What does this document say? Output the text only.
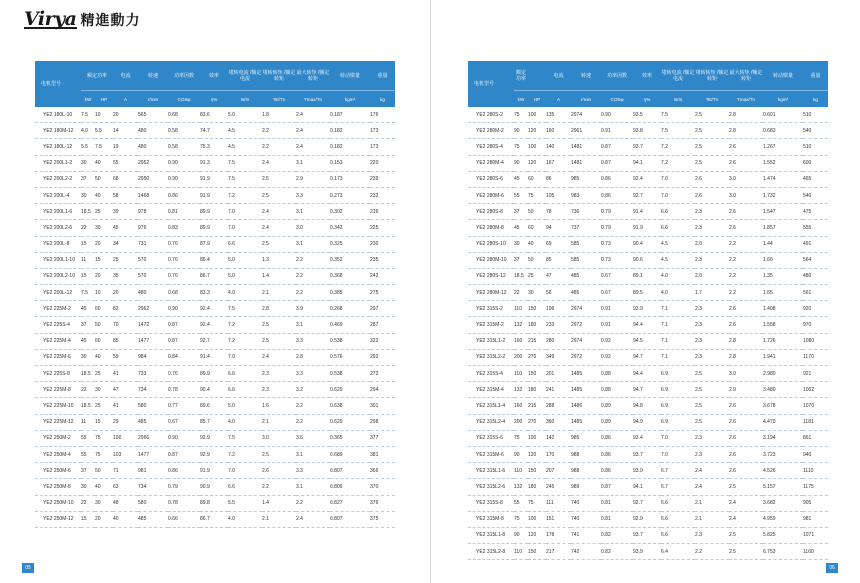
Virya 精進動力
电机型号	额定功率		电流	转速	功率因数	效率	堵转电流 /额定电流	堵转转矩 /额定转矩	最大转矩 /额定转矩	转动惯量	重量
	kW	HP	A	r/min	COSφ	η%	Is/In	Tst/Tn	Tmax/Tn	kgm²	kg
YE2 180L-10	7.5	10	20	565	0.68	83.6	5.0	1.8	2.4	0.187	176
YE2 180M-12	4.0	5.5	14	480	0.58	74.7	4.5	2.2	2.4	0.182	173
YE2 180L-12	5.5	7.5	19	480	0.58	75.3	4.5	2.2	2.4	0.182	173
YE2 200L1-2	30	40	55	2952	0.90	91.3	7.5	2.4	3.1	0.153	220
YE2 200L2-2	37	50	68	2950	0.90	91.9	7.5	2.5	2.9	0.173	239
YE2 200L-4	30	40	58	1468	0.86	91.9	7.2	2.5	3.3	0.273	232
YE2 200L1-6	18.5	25	39	978	0.81	89.9	7.0	2.4	3.1	0.302	216
YE2 200L2-6	22	30	45	976	0.83	89.9	7.0	2.4	3.0	0.342	225
YE2 200L-8	15	20	34	731	0.76	87.9	6.6	2.5	3.1	0.325	230
YE2 200L1-10	11	15	25	570	0.76	86.4	5.0	1.3	2.2	0.352	235
YE2 200L2-10	15	20	35	570	0.76	86.7	5.0	1.4	2.2	0.368	242
YE2 200L-12	7.5	10	20	480	0.68	83.3	4.0	2.1	2.2	0.385	275
YE2 225M-2	45	60	82	2962	0.90	92.4	7.5	2.8	3.9	0.268	297
YE2 225S-4	37	50	70	1472	0.87	92.4	7.2	2.5	3.1	0.469	287
YE2 225M-4	45	60	85	1477	0.87	92.7	7.2	2.5	3.3	0.538	322
YE2 225M-6	30	40	59	984	0.84	91.4	7.0	2.4	2.8	0.576	292
YE2 225S-8	18.5	25	41	733	0.76	89.9	6.6	2.3	3.3	0.538	272
YE2 225M-8	22	30	47	734	0.78	90.4	6.6	2.3	3.2	0.629	294
YE2 225M-10	18.5	25	41	580	0.77	89.6	5.0	1.6	2.2	0.638	301
YE2 225M-12	11	15	29	485	0.67	85.7	4.0	2.1	2.2	0.629	298
YE2 250M-2	55	75	100	2966	0.90	92.9	7.5	3.0	3.6	0.365	377
YE2 250M-4	55	75	103	1477	0.87	92.9	7.2	2.5	3.1	0.689	381
YE2 250M-6	37	50	71	981	0.86	91.9	7.0	2.6	3.3	0.807	366
YE2 250M-8	30	40	63	734	0.79	90.9	6.6	2.2	3.1	0.809	370
YE2 250M-10	22	30	48	580	0.78	89.8	5.5	1.4	2.2	0.827	376
YE2 250M-12	15	20	40	485	0.66	86.7	4.0	2.1	2.4	0.807	375
05
电机型号	额定功率		电流	转速	功率因数	效率	堵转电流 /额定电流	堵转转矩 /额定转矩	最大转矩 /额定转矩	转动惯量	重量
	kW	HP	A	r/min	COSφ	η%	Is/In	Tst/Tn	Tmax/Tn	kgm²	kg
YE2 280S-2	75	100	135	2974	0.90	93.5	7.5	2.5	2.8	0.601	510
YE2 280M-2	90	120	160	2961	0.91	93.8	7.5	2.5	2.8	0.683	540
YE2 280S-4	75	100	140	1481	0.87	93.7	7.2	2.5	2.6	1.267	510
YE2 280M-4	90	120	167	1481	0.87	94.1	7.2	2.5	2.6	1.552	600
YE2 280S-6	45	60	86	985	0.86	92.4	7.0	2.6	3.0	1.474	465
YE2 280M-6	55	75	105	983	0.86	92.7	7.0	2.6	3.0	1.732	540
YE2 280S-8	37	50	78	736	0.79	91.4	6.6	2.3	2.6	1.547	475
YE2 280M-8	45	60	94	737	0.79	91.9	6.6	2.3	2.6	1.857	555
YE2 280S-10	30	40	69	585	0.73	90.4	4.5	2.0	2.2	1.44	491
YE2 280M-10	37	50	85	585	0.73	90.6	4.5	2.3	2.2	1.66	564
YE2 280S-12	18.5	25	47	485	0.67	89.1	4.0	2.0	2.2	1.35	480
YE2 280M-12	22	30	56	485	0.67	89.5	4.0	1.7	2.2	1.65	561
YE2 315S-2	110	150	196	2974	0.91	93.9	7.1	2.3	2.6	1.408	920
YE2 315M-2	132	180	233	2972	0.91	94.4	7.1	2.3	2.6	1.558	970
YE2 315L1-2	160	215	280	2974	0.92	94.5	7.1	2.3	2.8	1.726	1080
YE2 315L2-2	200	270	349	2972	0.92	94.7	7.1	2.3	2.8	1.941	1170
YE2 315S-4	110	150	201	1485	0.88	94.4	6.9	2.5	3.0	2.980	921
YE2 315M-4	132	180	241	1485	0.88	94.7	6.9	2.5	2.9	3.480	1002
YE2 315L1-4	160	215	288	1486	0.89	94.8	6.9	2.5	2.6	3.678	1070
YE2 315L2-4	200	270	360	1485	0.89	94.9	6.9	2.5	2.6	4.470	1181
YE2 315S-6	75	100	142	985	0.86	93.4	7.0	2.3	2.6	3.194	861
YE2 315M-6	90	120	170	988	0.86	93.7	7.0	2.3	2.6	3.723	940
YE2 315L1-6	110	150	207	988	0.86	93.9	6.7	2.4	2.6	4.526	1110
YE2 315L2-6	132	180	245	989	0.87	94.1	6.7	2.4	2.5	5.157	1175
YE2 315S-8	55	75	111	740	0.81	92.7	6.6	2.1	2.4	3.682	905
YE2 315M-8	75	100	151	740	0.81	92.9	6.6	2.1	2.4	4.959	981
YE2 315L1-8	90	120	178	741	0.82	93.7	6.6	2.3	2.5	5.825	1071
YE2 315L2-8	110	150	217	742	0.82	93.9	6.4	2.2	2.5	6.753	1160
06
